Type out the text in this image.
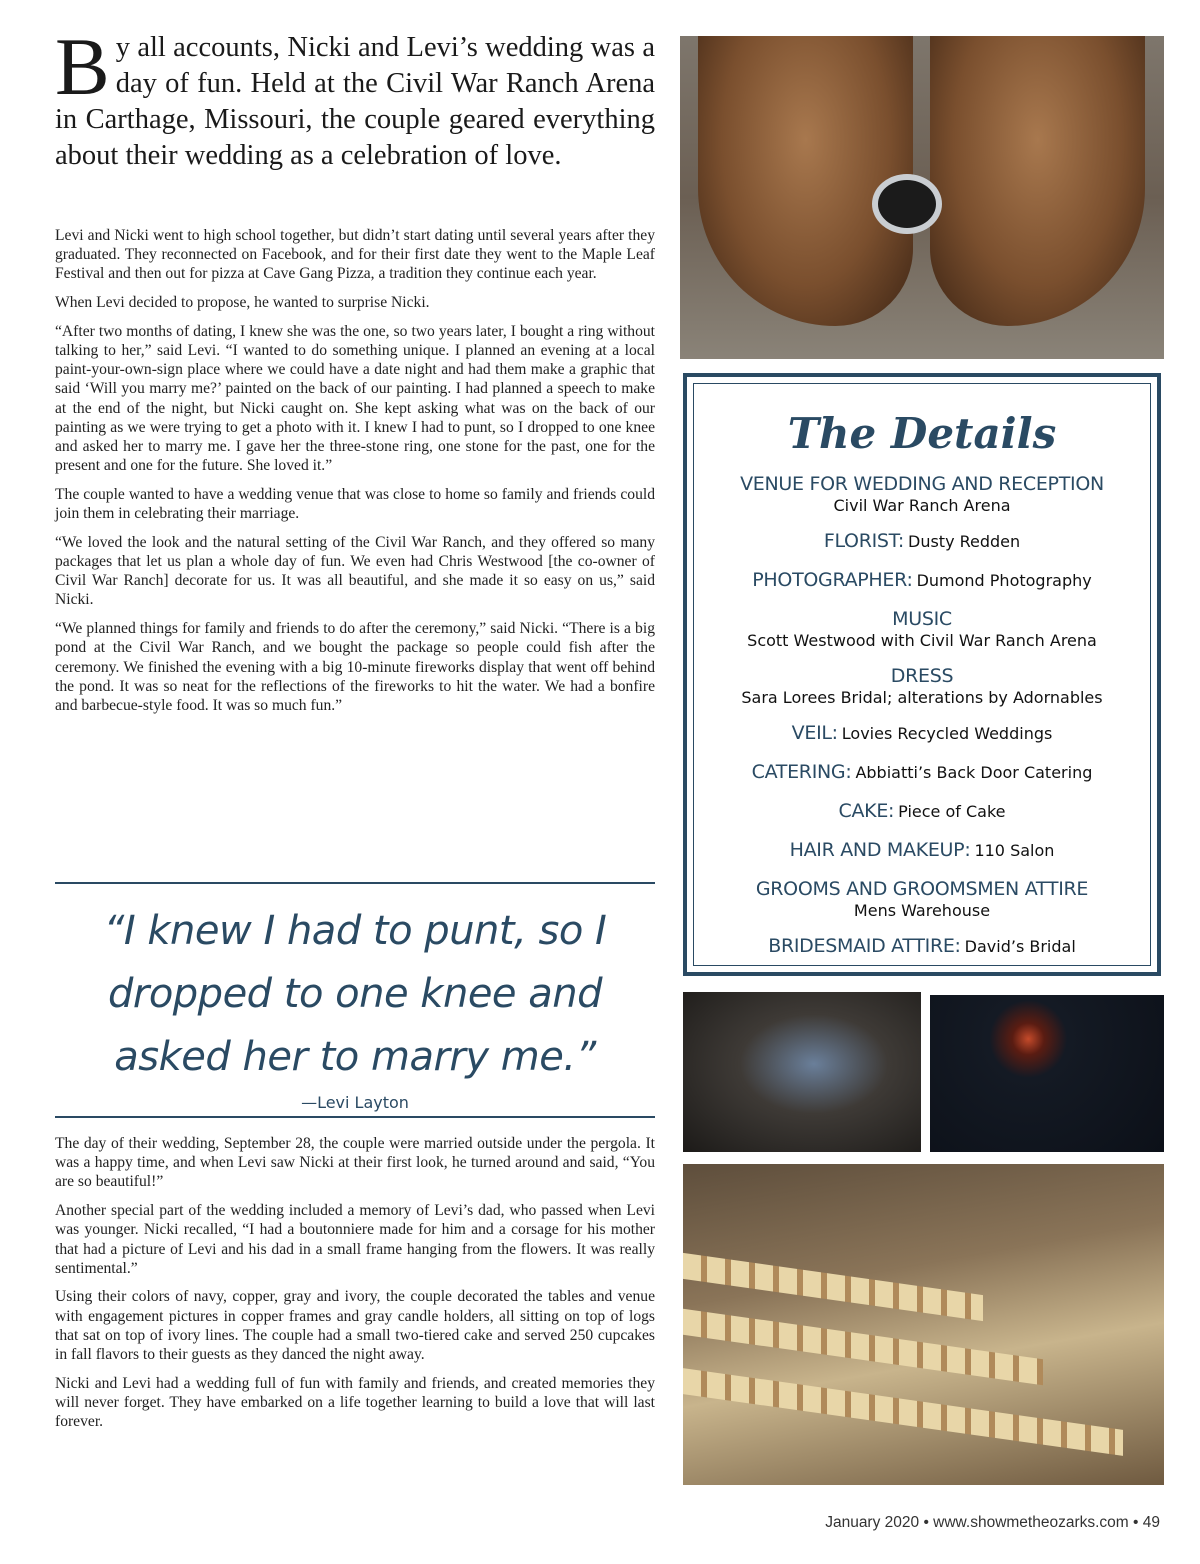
By all accounts, Nicki and Levi’s wedding was a day of fun. Held at the Civil War Ranch Arena in Carthage, Missouri, the couple geared everything about their wedding as a celebration of love.

Levi and Nicki went to high school together, but didn’t start dating until several years after they graduated. They reconnected on Facebook, and for their first date they went to the Maple Leaf Festival and then out for pizza at Cave Gang Pizza, a tradition they continue each year.

When Levi decided to propose, he wanted to surprise Nicki.

“After two months of dating, I knew she was the one, so two years later, I bought a ring without talking to her,” said Levi. “I wanted to do something unique. I planned an evening at a local paint-your-own-sign place where we could have a date night and had them make a graphic that said ‘Will you marry me?’ painted on the back of our painting. I had planned a speech to make at the end of the night, but Nicki caught on. She kept asking what was on the back of our painting as we were trying to get a photo with it. I knew I had to punt, so I dropped to one knee and asked her to marry me. I gave her the three-stone ring, one stone for the past, one for the present and one for the future. She loved it.”

The couple wanted to have a wedding venue that was close to home so family and friends could join them in celebrating their marriage.

“We loved the look and the natural setting of the Civil War Ranch, and they offered so many packages that let us plan a whole day of fun. We even had Chris Westwood [the co-owner of Civil War Ranch] decorate for us. It was all beautiful, and she made it so easy on us,” said Nicki.

“We planned things for family and friends to do after the ceremony,” said Nicki. “There is a big pond at the Civil War Ranch, and we bought the package so people could fish after the ceremony. We finished the evening with a big 10-minute fireworks display that went off behind the pond. It was so neat for the reflections of the fireworks to hit the water. We had a bonfire and barbecue-style food. It was so much fun.”

“I knew I had to punt, so I dropped to one knee and asked her to marry me.”
—Levi Layton

The day of their wedding, September 28, the couple were married outside under the pergola. It was a happy time, and when Levi saw Nicki at their first look, he turned around and said, “You are so beautiful!”

Another special part of the wedding included a memory of Levi’s dad, who passed when Levi was younger. Nicki recalled, “I had a boutonniere made for him and a corsage for his mother that had a picture of Levi and his dad in a small frame hanging from the flowers. It was really sentimental.”

Using their colors of navy, copper, gray and ivory, the couple decorated the tables and venue with engagement pictures in copper frames and gray candle holders, all sitting on top of logs that sat on top of ivory lines. The couple had a small two-tiered cake and served 250 cupcakes in fall flavors to their guests as they danced the night away.

Nicki and Levi had a wedding full of fun with family and friends, and created memories they will never forget. They have embarked on a life together learning to build a love that will last forever.

The Details
VENUE FOR WEDDING AND RECEPTION
Civil War Ranch Arena
FLORIST: Dusty Redden
PHOTOGRAPHER: Dumond Photography
MUSIC
Scott Westwood with Civil War Ranch Arena
DRESS
Sara Lorees Bridal; alterations by Adornables
VEIL: Lovies Recycled Weddings
CATERING: Abbiatti’s Back Door Catering
CAKE: Piece of Cake
HAIR AND MAKEUP: 110 Salon
GROOMS AND GROOMSMEN ATTIRE
Mens Warehouse
BRIDESMAID ATTIRE: David’s Bridal
January 2020 • www.showmetheozarks.com • 49
